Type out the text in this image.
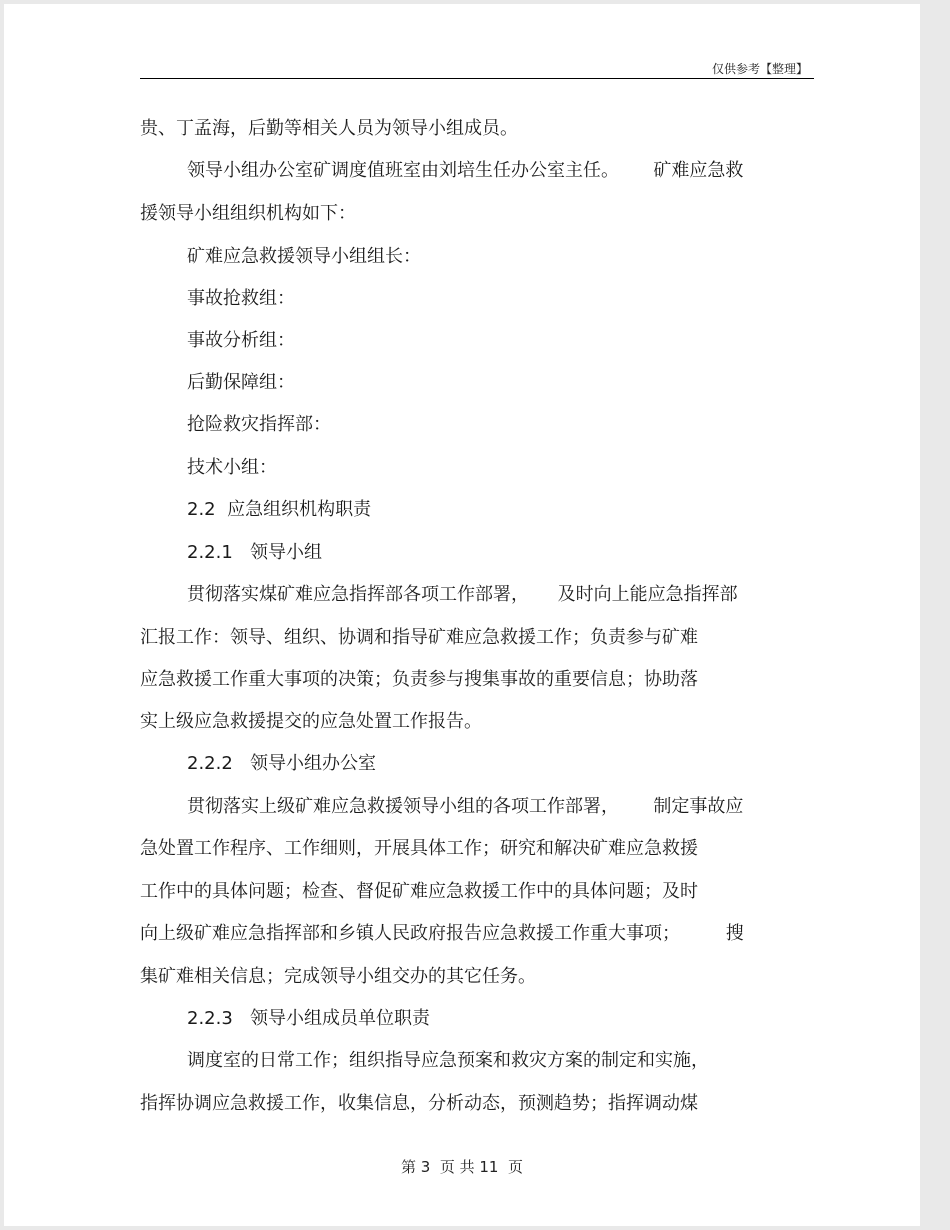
仅供参考【整理】
贵、丁孟海，后勤等相关人员为领导小组成员。
领导小组办公室矿调度值班室由刘培生任办公室主任。      矿难应急救
援领导小组组织机构如下：
矿难应急救援领导小组组长：
事故抢救组：
事故分析组：
后勤保障组：
抢险救灾指挥部：
技术小组：
2.2  应急组织机构职责
2.2.1   领导小组
贯彻落实煤矿难应急指挥部各项工作部署，     及时向上能应急指挥部
汇报工作：领导、组织、协调和指导矿难应急救援工作；负责参与矿难
应急救援工作重大事项的决策；负责参与搜集事故的重要信息；协助落
实上级应急救援提交的应急处置工作报告。
2.2.2   领导小组办公室
贯彻落实上级矿难应急救援领导小组的各项工作部署，      制定事故应
急处置工作程序、工作细则，开展具体工作；研究和解决矿难应急救援
工作中的具体问题；检查、督促矿难应急救援工作中的具体问题；及时
向上级矿难应急指挥部和乡镇人民政府报告应急救援工作重大事项；        搜
集矿难相关信息；完成领导小组交办的其它任务。
2.2.3   领导小组成员单位职责
调度室的日常工作；组织指导应急预案和救灾方案的制定和实施，
指挥协调应急救援工作，收集信息，分析动态，预测趋势；指挥调动煤
第 3  页 共 11  页
